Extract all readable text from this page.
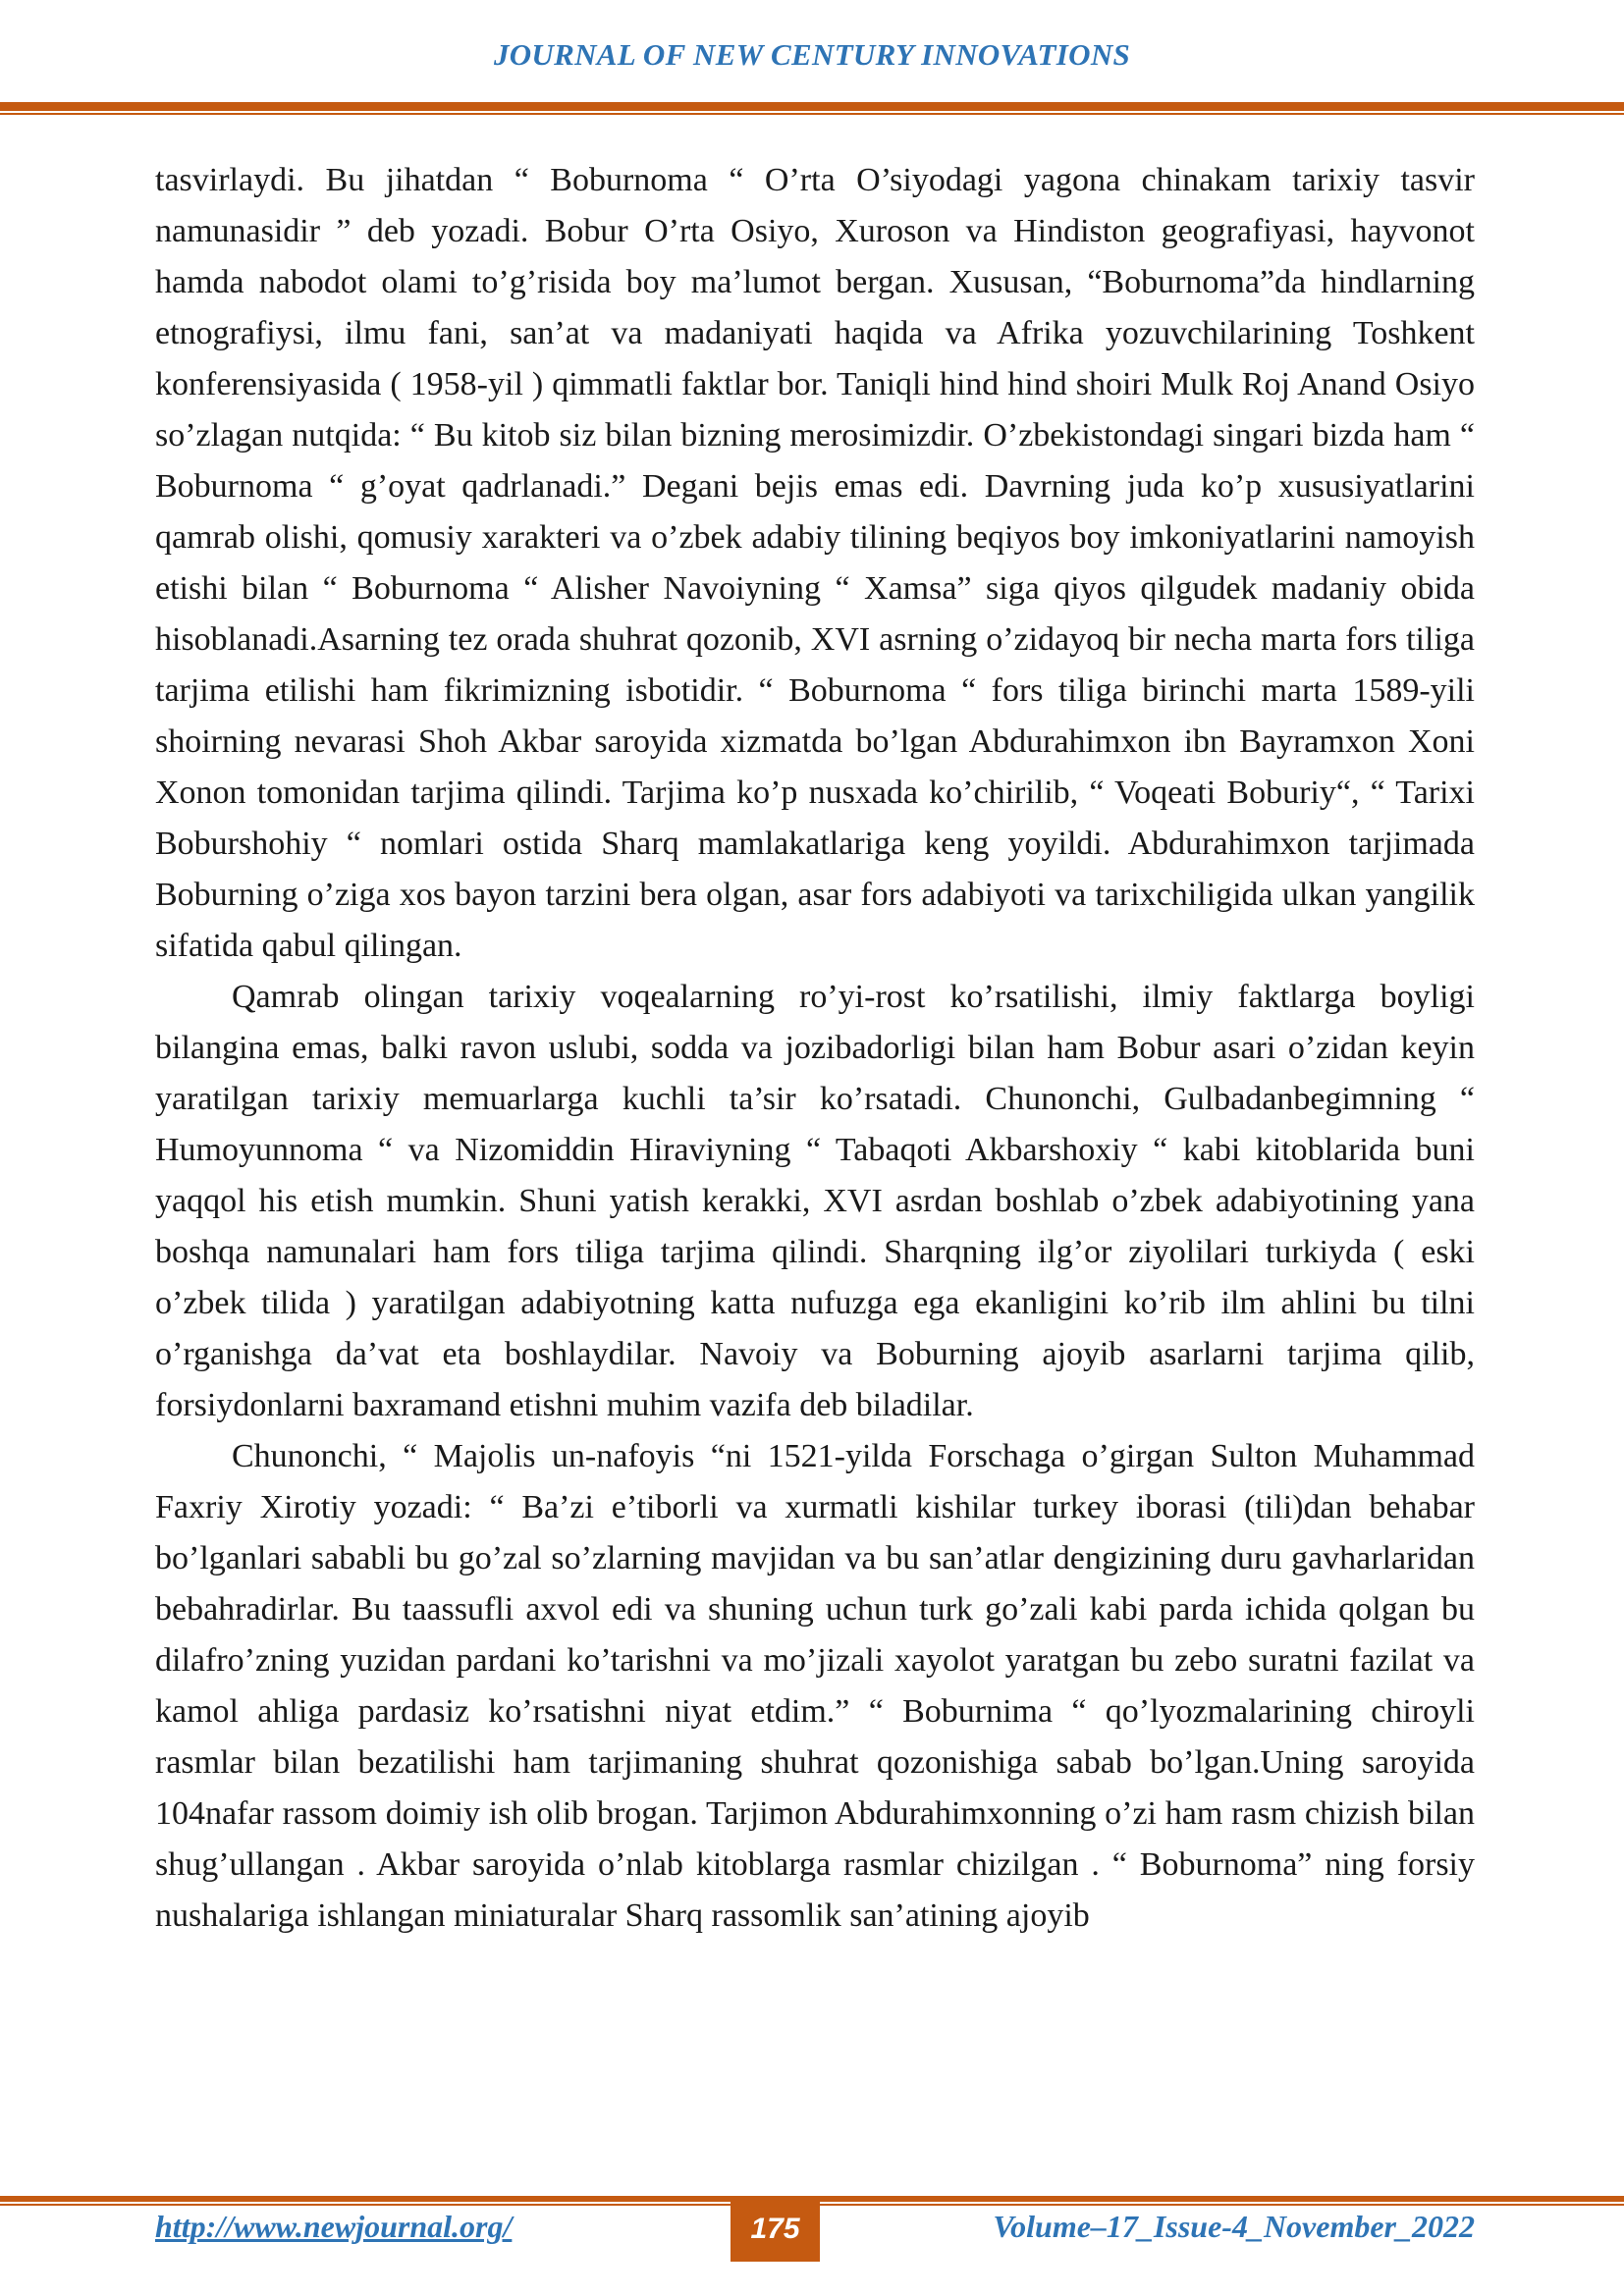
JOURNAL OF NEW CENTURY INNOVATIONS

tasvirlaydi. Bu jihatdan “ Boburnoma “ O’rta O’siyodagi yagona chinakam tarixiy tasvir namunasidir ” deb yozadi. Bobur O’rta Osiyo, Xuroson va Hindiston geografiyasi, hayvonot hamda nabodot olami to’g’risida boy ma’lumot bergan. Xususan, “Boburnoma”da hindlarning etnografiysi, ilmu fani, san’at va madaniyati haqida va Afrika yozuvchilarining Toshkent konferensiyasida ( 1958-yil ) qimmatli faktlar bor. Taniqli hind hind shoiri Mulk Roj Anand Osiyo so’zlagan nutqida: “ Bu kitob siz bilan bizning merosimizdir. O’zbekistondagi singari bizda ham “ Boburnoma “ g’oyat qadrlanadi.” Degani bejis emas edi. Davrning juda ko’p xususiyatlarini qamrab olishi, qomusiy xarakteri va o’zbek adabiy tilining beqiyos boy imkoniyatlarini namoyish etishi bilan “ Boburnoma “ Alisher Navoiyning “ Xamsa” siga qiyos qilgudek madaniy obida hisoblanadi.Asarning tez orada shuhrat qozonib, XVI asrning o’zidayoq bir necha marta fors tiliga tarjima etilishi ham fikrimizning isbotidir. “ Boburnoma “ fors tiliga birinchi marta 1589-yili shoirning nevarasi Shoh Akbar saroyida xizmatda bo’lgan Abdurahimxon ibn Bayramxon Xoni Xonon tomonidan tarjima qilindi. Tarjima ko’p nusxada ko’chirilib, “ Voqeati Boburiy“, “ Tarixi Boburshohiy “ nomlari ostida Sharq mamlakatlariga keng yoyildi. Abdurahimxon tarjimada Boburning o’ziga xos bayon tarzini bera olgan, asar fors adabiyoti va tarixchiligida ulkan yangilik sifatida qabul qilingan.

Qamrab olingan tarixiy voqealarning ro’yi-rost ko’rsatilishi, ilmiy faktlarga boyligi bilangina emas, balki ravon uslubi, sodda va jozibadorligi bilan ham Bobur asari o’zidan keyin yaratilgan tarixiy memuarlarga kuchli ta’sir ko’rsatadi. Chunonchi, Gulbadanbegimning “ Humoyunnoma “ va Nizomiddin Hiraviyning “ Tabaqoti Akbarshoxiy “ kabi kitoblarida buni yaqqol his etish mumkin. Shuni yatish kerakki, XVI asrdan boshlab o’zbek adabiyotining yana boshqa namunalari ham fors tiliga tarjima qilindi. Sharqning ilg’or ziyolilari turkiyda ( eski o’zbek tilida ) yaratilgan adabiyotning katta nufuzga ega ekanligini ko’rib ilm ahlini bu tilni o’rganishga da’vat eta boshlaydilar. Navoiy va Boburning ajoyib asarlarni tarjima qilib, forsiydonlarni baxramand etishni muhim vazifa deb biladilar.

Chunonchi, “ Majolis un-nafoyis “ni 1521-yilda Forschaga o’girgan Sulton Muhammad Faxriy Xirotiy yozadi: “ Ba’zi e’tiborli va xurmatli kishilar turkey iborasi (tili)dan behabar bo’lganlari sababli bu go’zal so’zlarning mavjidan va bu san’atlar dengizining duru gavharlaridan bebahradirlar. Bu taassufli axvol edi va shuning uchun turk go’zali kabi parda ichida qolgan bu dilafro’zning yuzidan pardani ko’tarishni va mo’jizali xayolot yaratgan bu zebo suratni fazilat va kamol ahliga pardasiz ko’rsatishni niyat etdim.” “ Boburnima “ qo’lyozmalarining chiroyli rasmlar bilan bezatilishi ham tarjimaning shuhrat qozonishiga sabab bo’lgan.Uning saroyida 104nafar rassom doimiy ish olib brogan. Tarjimon Abdurahimxonning o’zi ham rasm chizish bilan shug’ullangan . Akbar saroyida o’nlab kitoblarga rasmlar chizilgan . “ Boburnoma” ning forsiy nushalariga ishlangan miniaturalar Sharq rassomlik san’atining ajoyib

http://www.newjournal.org/	175	Volume–17_Issue-4_November_2022
